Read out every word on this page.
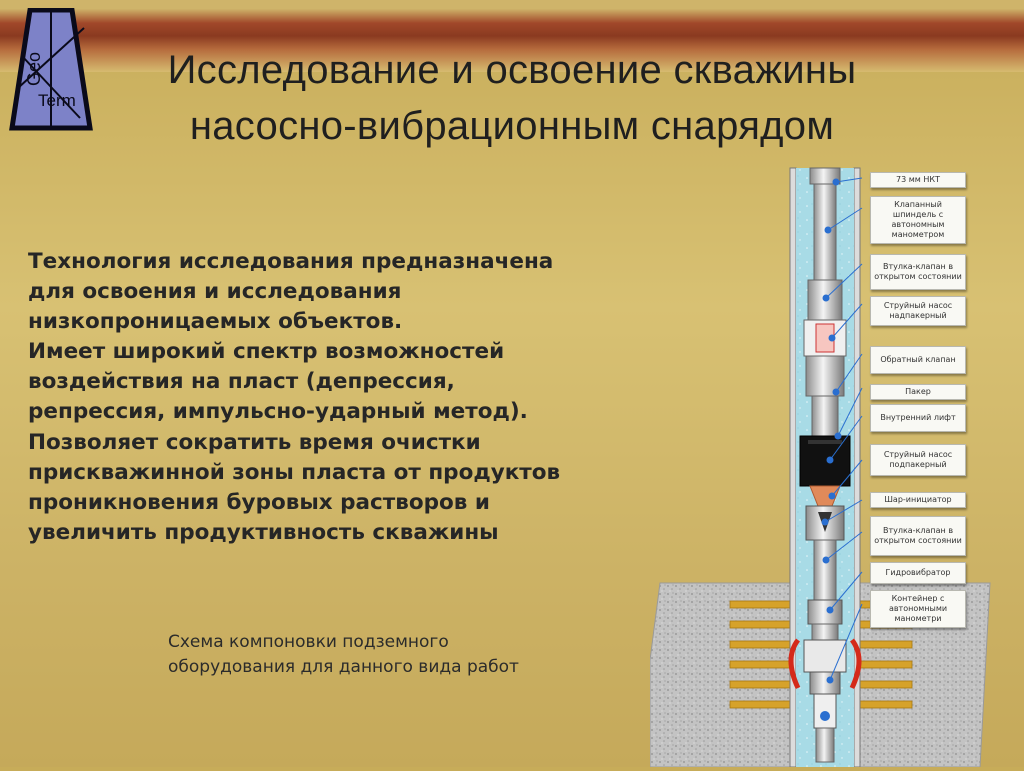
Geo
Term
Исследование и освоение скважины
насосно-вибрационным снарядом
Технология исследования предназначена
для освоения и исследования
низкопроницаемых объектов.
Имеет широкий спектр возможностей
воздействия на пласт (депрессия,
репрессия, импульсно-ударный метод).
Позволяет сократить время очистки
прискважинной зоны пласта от продуктов
проникновения буровых растворов и
увеличить продуктивность скважины
Схема компоновки подземного
оборудования для данного вида работ
73 мм НКТ
Клапанный шпиндель с автономным манометром
Втулка-клапан в открытом состоянии
Струйный насос надпакерный
Обратный клапан
Пакер
Внутренний лифт
Струйный насос подпакерный
Шар-инициатор
Втулка-клапан в открытом состоянии
Гидровибратор
Контейнер с автономными манометри
